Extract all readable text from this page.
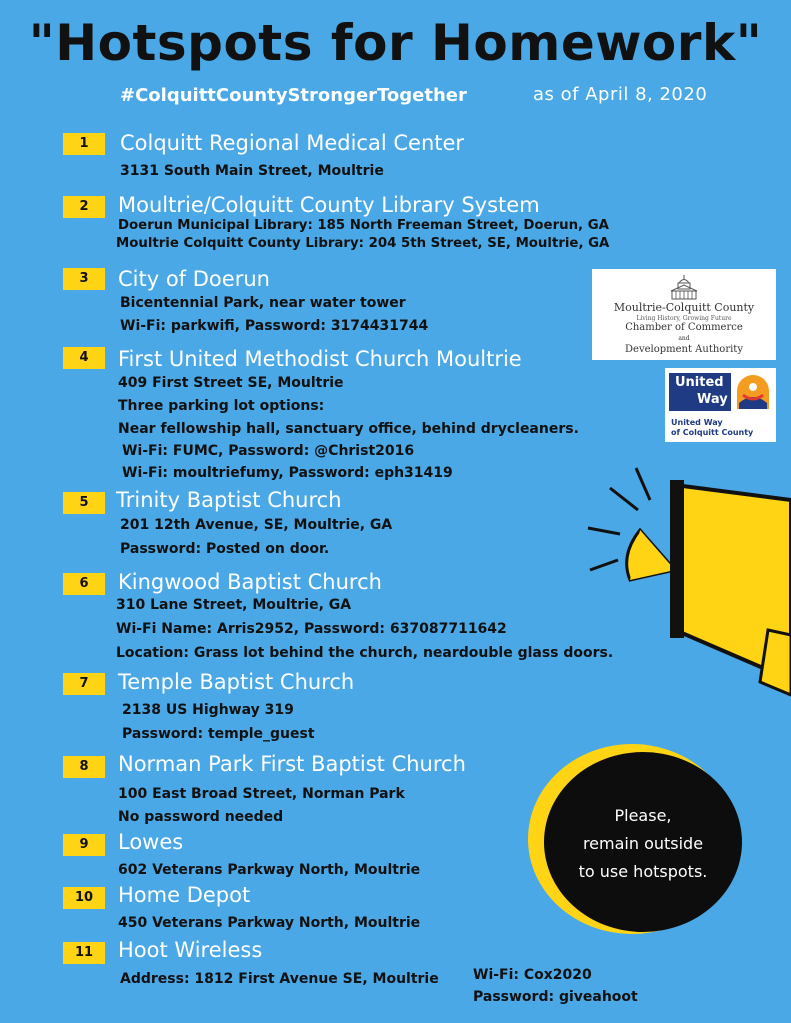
"Hotspots for Homework"
#ColquittCountyStrongerTogether	as of April 8, 2020
1	Colquitt Regional Medical Center
3131 South Main Street, Moultrie
2	Moultrie/Colquitt County Library System
Doerun Municipal Library: 185 North Freeman Street, Doerun, GA
Moultrie Colquitt County Library: 204 5th Street, SE, Moultrie, GA
3	City of Doerun
Bicentennial Park, near water tower
Wi-Fi: parkwifi, Password: 3174431744
4	First United Methodist Church Moultrie
409 First Street SE, Moultrie
Three parking lot options:
Near fellowship hall, sanctuary office, behind drycleaners.
Wi-Fi: FUMC, Password: @Christ2016
Wi-Fi: moultriefumy, Password: eph31419
5	Trinity Baptist Church
201 12th Avenue, SE, Moultrie, GA
Password: Posted on door.
6	Kingwood Baptist Church
310 Lane Street, Moultrie, GA
Wi-Fi Name: Arris2952, Password: 637087711642
Location: Grass lot behind the church, neardouble glass doors.
7	Temple Baptist Church
2138 US Highway 319
Password: temple_guest
8	Norman Park First Baptist Church
100 East Broad Street, Norman Park
No password needed
9	Lowes
602 Veterans Parkway North, Moultrie
10	Home Depot
450 Veterans Parkway North, Moultrie
11	Hoot Wireless
Address: 1812 First Avenue SE, Moultrie Wi-Fi: Cox2020
Password: giveahoot
Moultrie-Colquitt County
Living History, Growing Future
Chamber of Commerce
and
Development Authority
United
Way
United Way
of Colquitt County
Please,
remain outside
to use hotspots.
